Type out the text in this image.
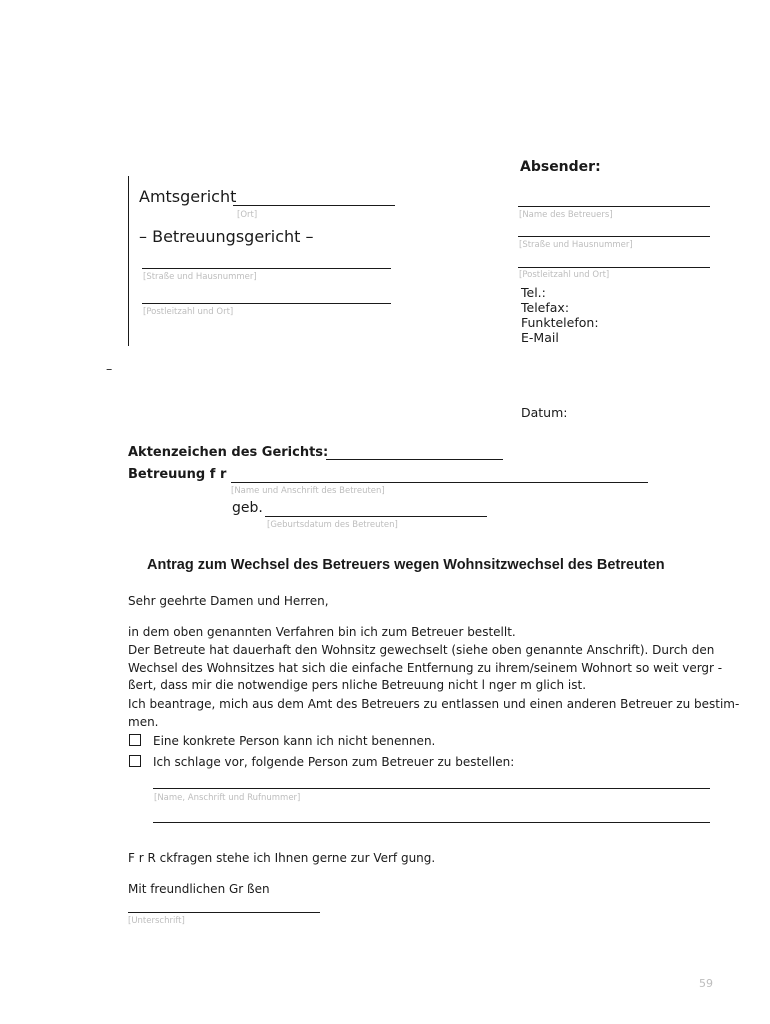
Absender:
[Name des Betreuers]
[Straße und Hausnummer]
[Postleitzahl und Ort]
Tel.:
Telefax:
Funktelefon:
E-Mail
Datum:
Amtsgericht
[Ort]
– Betreuungsgericht –
[Straße und Hausnummer]
[Postleitzahl und Ort]
–
Aktenzeichen des Gerichts:
Betreuung f r
[Name und Anschrift des Betreuten]
geb.
[Geburtsdatum des Betreuten]
Antrag zum Wechsel des Betreuers wegen Wohnsitzwechsel des Betreuten
Sehr geehrte Damen und Herren,

in dem oben genannten Verfahren bin ich zum Betreuer bestellt.

Der Betreute hat dauerhaft den Wohnsitz gewechselt (siehe oben genannte Anschrift). Durch den

Wechsel des Wohnsitzes hat sich die einfache Entfernung zu ihrem/seinem Wohnort so weit vergr -

ßert, dass mir die notwendige pers nliche Betreuung nicht l nger m glich ist.

Ich beantrage, mich aus dem Amt des Betreuers zu entlassen und einen anderen Betreuer zu bestim-

men.

Eine konkrete Person kann ich nicht benennen.
Ich schlage vor, folgende Person zum Betreuer zu bestellen:
[Name, Anschrift und Rufnummer]
F r R ckfragen stehe ich Ihnen gerne zur Verf gung.
Mit freundlichen Gr ßen
[Unterschrift]
59
